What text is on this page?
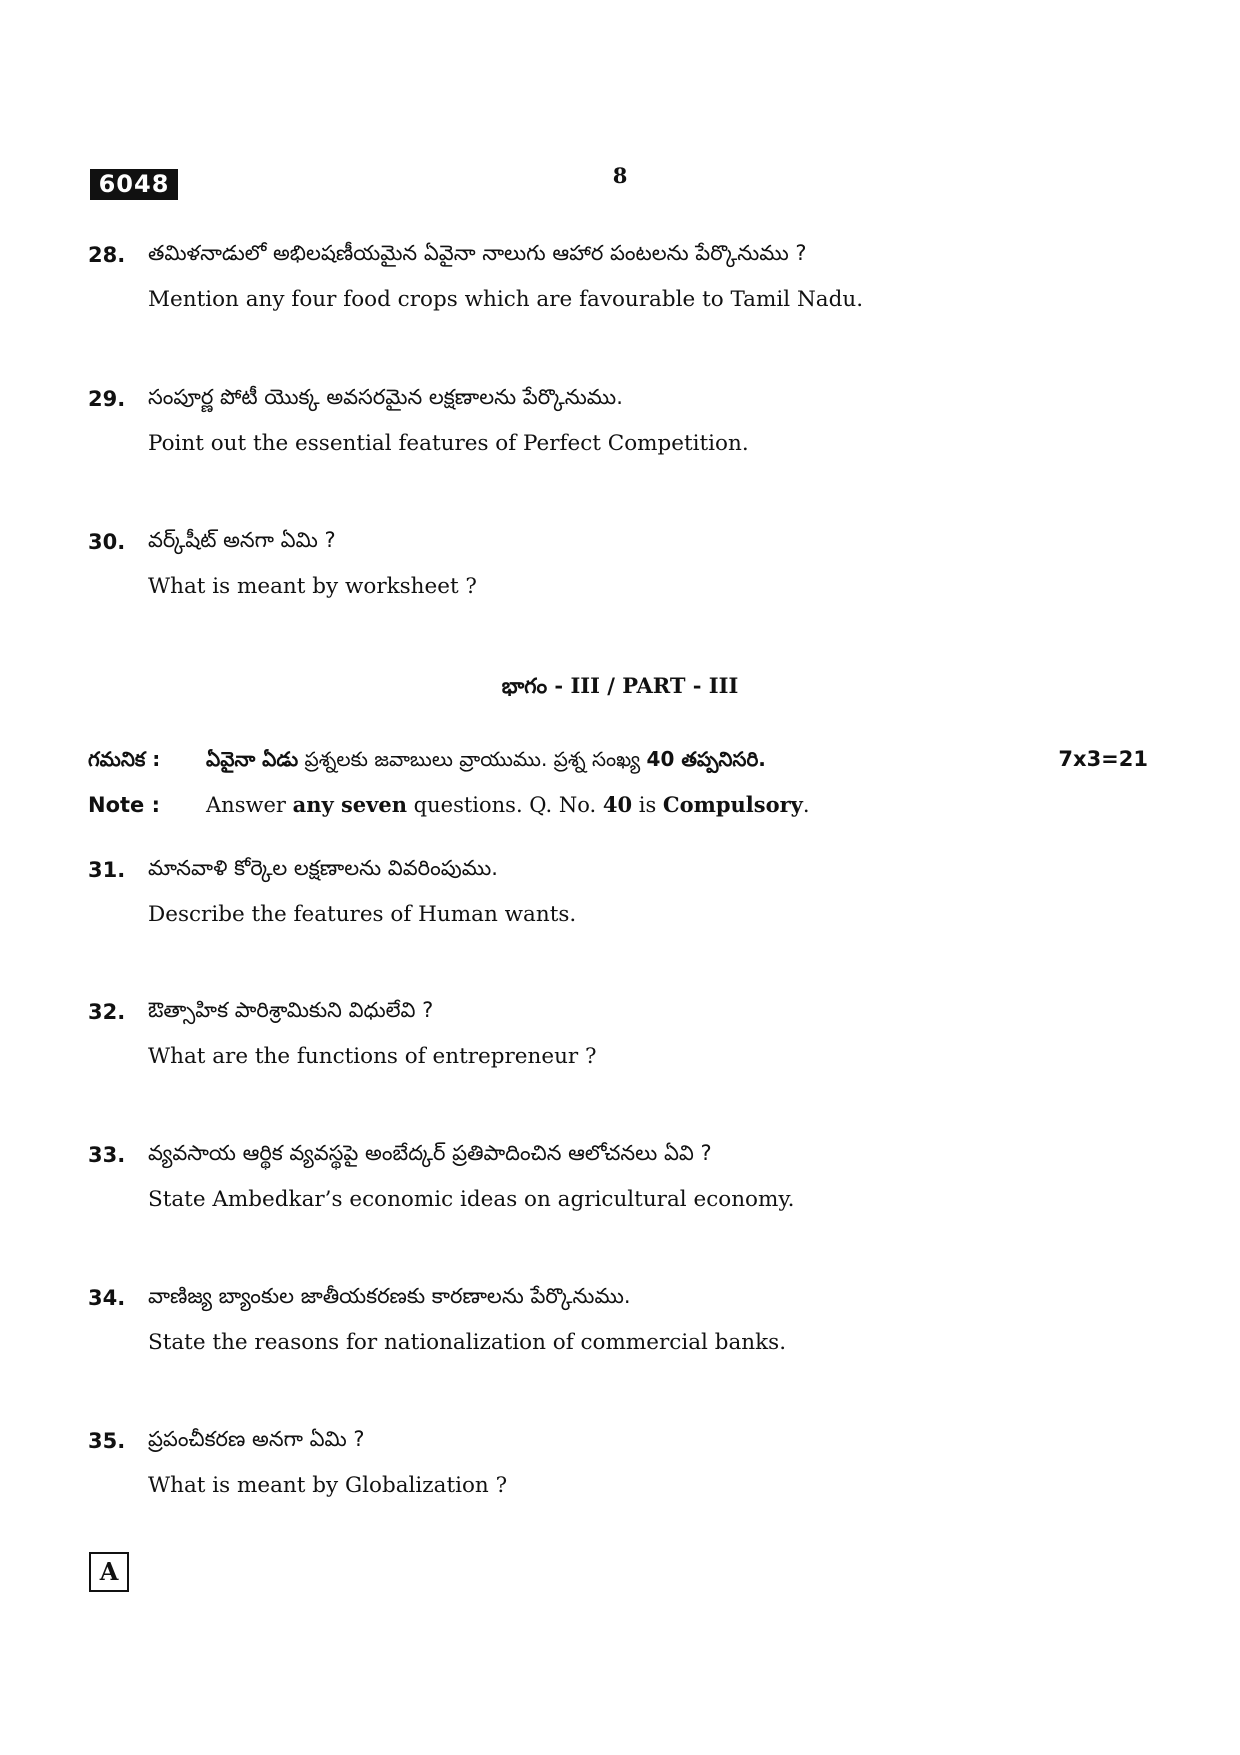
6048	8
28. తమిళనాడులో అభిలషణీయమైన ఏవైనా నాలుగు ఆహార పంటలను పేర్కొనుము ?
Mention any four food crops which are favourable to Tamil Nadu.
29. సంపూర్ణ పోటీ యొక్క అవసరమైన లక్షణాలను పేర్కొనుము.
Point out the essential features of Perfect Competition.
30. వర్క్‌షీట్ అనగా ఏమి ?
What is meant by worksheet ?
భాగం - III / PART - III
గమనిక : ఏవైనా ఏడు ప్రశ్నలకు జవాబులు వ్రాయుము. ప్రశ్న సంఖ్య 40 తప్పనిసరి.	7x3=21
Note : Answer any seven questions. Q. No. 40 is Compulsory.
31. మానవాళి కోర్కెల లక్షణాలను వివరింపుము.
Describe the features of Human wants.
32. ఔత్సాహిక పారిశ్రామికుని విధులేవి ?
What are the functions of entrepreneur ?
33. వ్యవసాయ ఆర్థిక వ్యవస్థపై అంబేద్కర్ ప్రతిపాదించిన ఆలోచనలు ఏవి ?
State Ambedkar’s economic ideas on agricultural economy.
34. వాణిజ్య బ్యాంకుల జాతీయకరణకు కారణాలను పేర్కొనుము.
State the reasons for nationalization of commercial banks.
35. ప్రపంచీకరణ అనగా ఏమి ?
What is meant by Globalization ?
A
